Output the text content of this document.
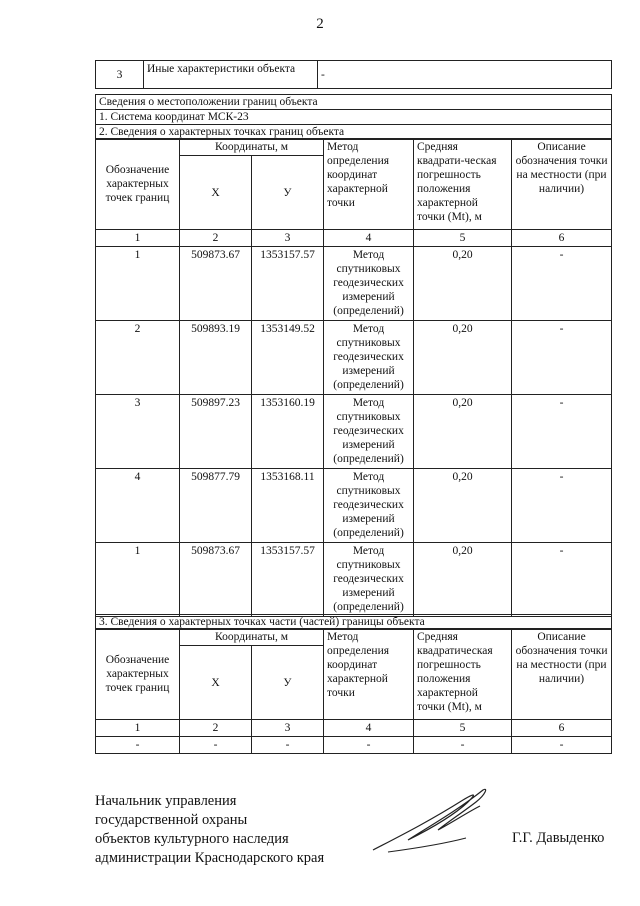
2
3	Иные характеристики объекта	-
Сведения о местоположении границ объекта
1. Система координат МСК-23
2. Сведения о характерных точках границ объекта
Обозначение характерных точек границ	Координаты, м		Метод определения координат характерной точки	Средняя квадрати-ческая погрешность положения характерной точки (Mt), м	Описание обозначения точки на местности (при наличии)
	Х	У			
1	2	3	4	5	6
1	509873.67	1353157.57	Метод спутниковых геодезических измерений (определений)	0,20	-
2	509893.19	1353149.52	Метод спутниковых геодезических измерений (определений)	0,20	-
3	509897.23	1353160.19	Метод спутниковых геодезических измерений (определений)	0,20	-
4	509877.79	1353168.11	Метод спутниковых геодезических измерений (определений)	0,20	-
1	509873.67	1353157.57	Метод спутниковых геодезических измерений (определений)	0,20	-
3. Сведения о характерных точках части (частей) границы объекта
Обозначение характерных точек границ	Координаты, м		Метод определения координат характерной точки	Средняя квадратическая погрешность положения характерной точки (Mt), м	Описание обозначения точки на местности (при наличии)
	Х	У			
1	2	3	4	5	6
-	-	-	-	-	-
Начальник управления
государственной охраны
объектов культурного наследия
администрации Краснодарского края
Г.Г. Давыденко
